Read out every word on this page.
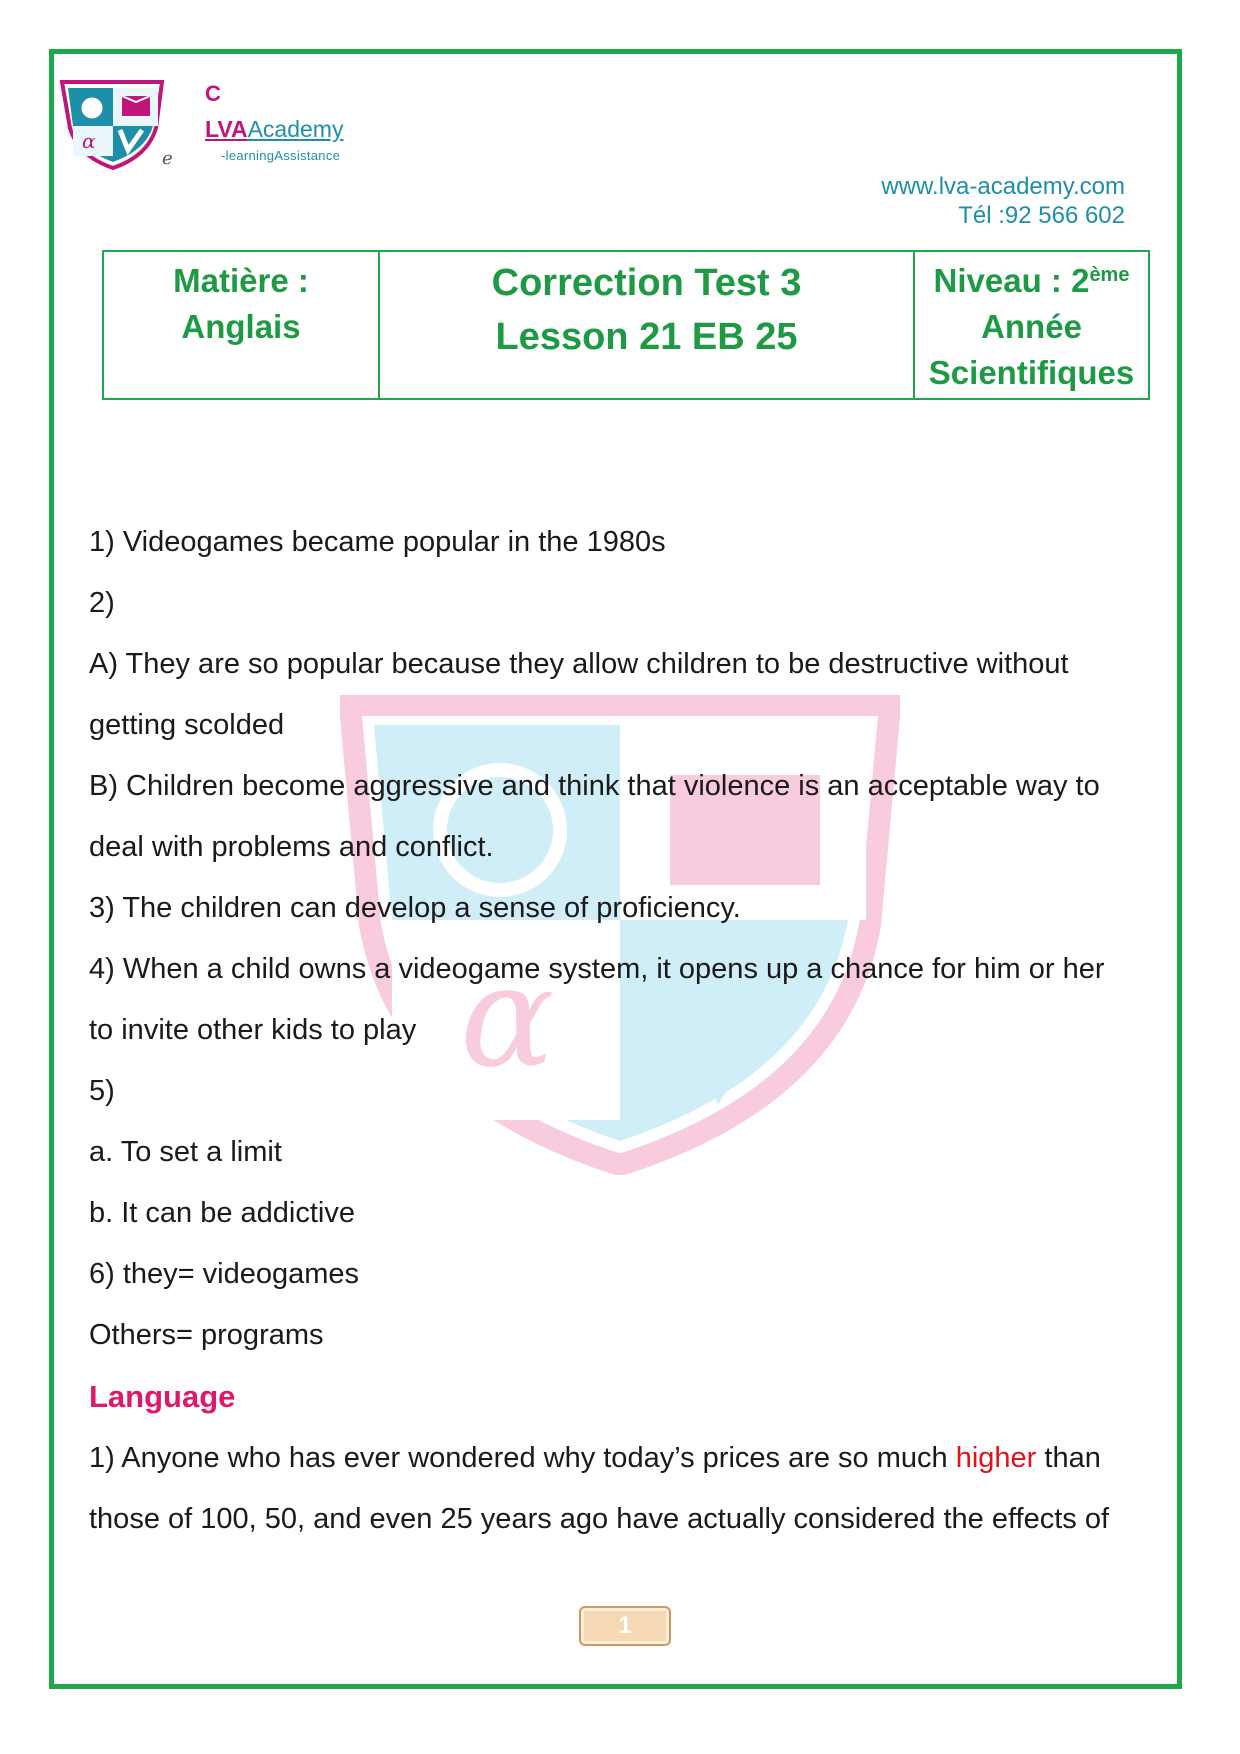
α
C
LVAAcademy
-learningAssistance
e
www.lva-academy.com
Tél :92 566 602
Matière :
Anglais

Correction Test 3
Lesson 21 EB 25

Niveau : 2ème
Année
Scientifiques
α

1) Videogames became popular in the 1980s

2)

A) They are so popular because they allow children to be destructive without

getting scolded

B) Children become aggressive and think that violence is an acceptable way to

deal with problems and conflict.

3) The children can develop a sense of proficiency.

4) When a child owns a videogame system, it opens up a chance for him or her

to invite other kids to play

5)

a. To set a limit

b. It can be addictive

6) they= videogames

Others= programs

Language

1) Anyone who has ever wondered why today’s prices are so much higher than

those of 100, 50, and even 25 years ago have actually considered the effects of

1
